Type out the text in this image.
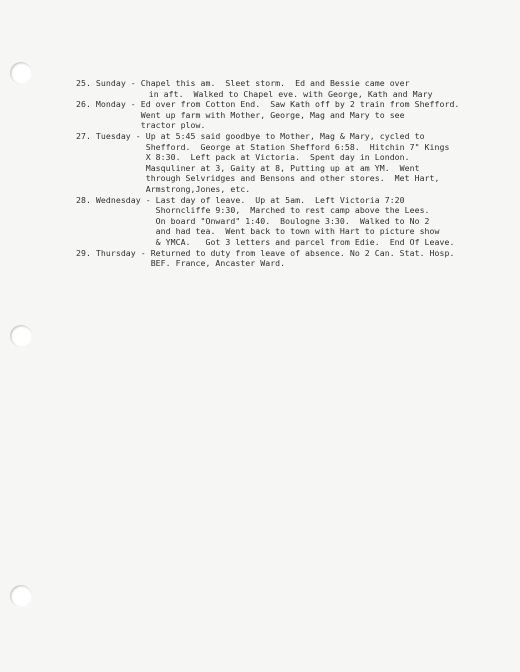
25. Sunday - Chapel this am.  Sleet storm.  Ed and Bessie came over
in aft.  Walked to Chapel eve. with George, Kath and Mary
26. Monday - Ed over from Cotton End.  Saw Kath off by 2 train from Shefford.
Went up farm with Mother, George, Mag and Mary to see
tractor plow.
27. Tuesday - Up at 5:45 said goodbye to Mother, Mag & Mary, cycled to
Shefford.  George at Station Shefford 6:58.  Hitchin 7" Kings
X 8:30.  Left pack at Victoria.  Spent day in London.
Masquliner at 3, Gaity at 8, Putting up at am YM.  Went
through Selvridges and Bensons and other stores.  Met Hart,
Armstrong,Jones, etc.
28. Wednesday - Last day of leave.  Up at 5am.  Left Victoria 7:20
Shorncliffe 9:30,  Marched to rest camp above the Lees.
On board "Onward" 1:40.  Boulogne 3:30.  Walked to No 2
and had tea.  Went back to town with Hart to picture show
& YMCA.   Got 3 letters and parcel from Edie.  End Of Leave.
29. Thursday - Returned to duty from leave of absence. No 2 Can. Stat. Hosp.
BEF. France, Ancaster Ward.
